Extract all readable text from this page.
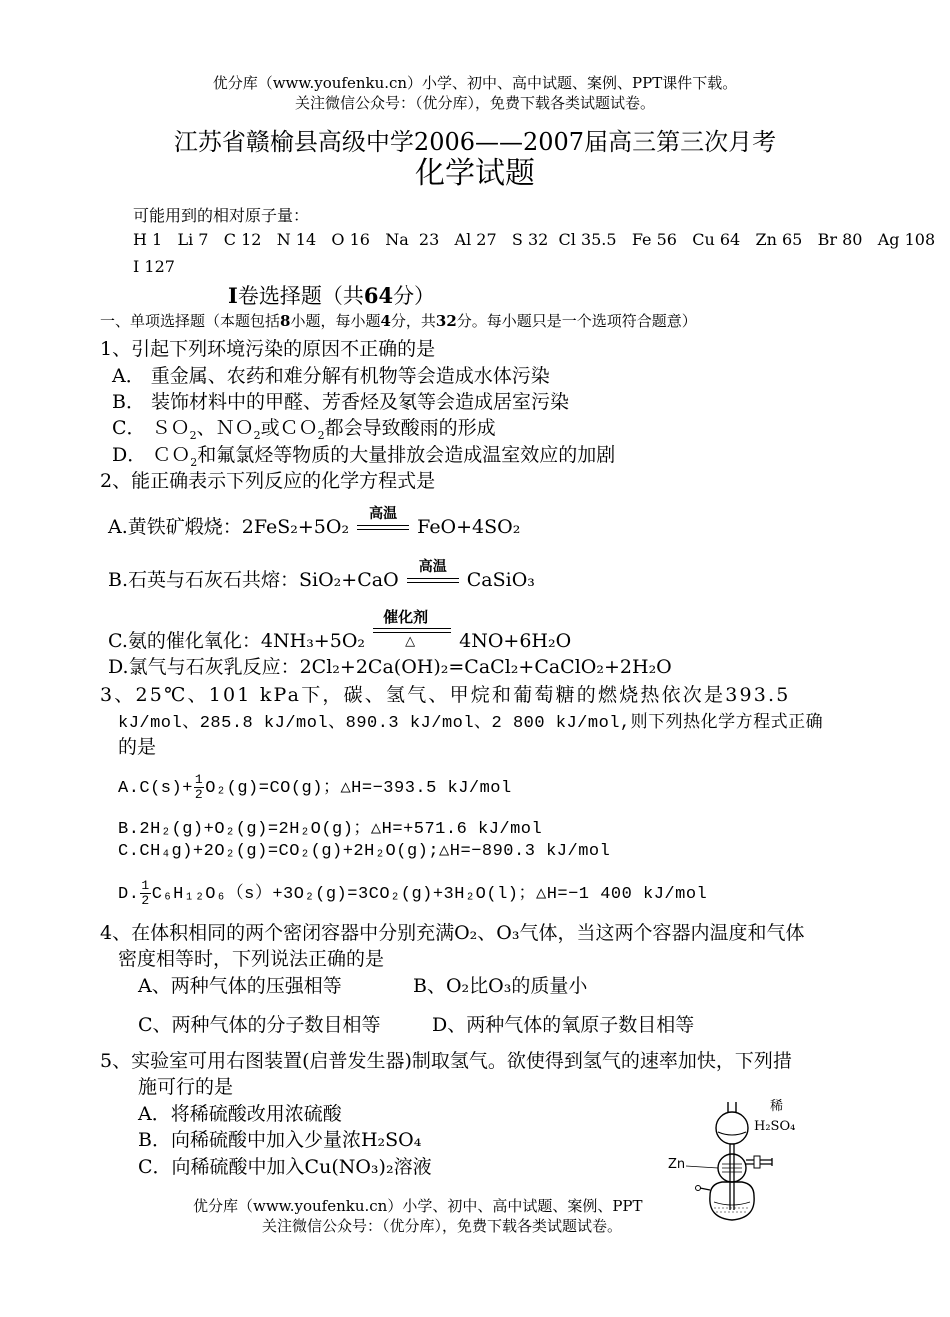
优分库（www.youfenku.cn）小学、初中、高中试题、案例、PPT课件下载。
关注微信公众号：（优分库），免费下载各类试题试卷。
江苏省赣榆县高级中学2006——2007届高三第三次月考
化学试题
可能用到的相对原子量：
H 1   Li 7   C 12   N 14   O 16   Na  23   Al 27   S 32  Cl 35.5   Fe 56   Cu 64   Zn 65   Br 80   Ag 108
I 127
I卷选择题（共64分）
一、单项选择题（本题包括8小题，每小题4分，共32分。每小题只是一个选项符合题意）
1、引起下列环境污染的原因不正确的是
A． 重金属、农药和难分解有机物等会造成水体污染
B． 装饰材料中的甲醛、芳香烃及氡等会造成居室污染
C． ＳＯ$_2$、ＮＯ$_2$或ＣＯ$_2$都会导致酸雨的形成
D． ＣＯ$_2$和氟氯烃等物质的大量排放会造成温室效应的加剧
2、能正确表示下列反应的化学方程式是
A.黄铁矿煅烧：2FeS₂+5O₂
高温
FeO+4SO₂
B.石英与石灰石共熔：SiO₂+CaO
高温
CaSiO₃
C.氨的催化氧化：4NH₃+5O₂
催化剂
△ 4NO+6H₂O
D.氯气与石灰乳反应：2Cl₂+2Ca(OH)₂=CaCl₂+CaClO₂+2H₂O
3、25℃、101 kPa下，碳、氢气、甲烷和葡萄糖的燃烧热依次是393.5
kJ/mol、285.8 kJ/mol、890.3 kJ/mol、2 800 kJ/mol,则下列热化学方程式正确
的是
$A.C(s)+ \frac{1}{2} O_2(g)=CO(g)$；△H=−393.5 kJ/mol
B.2H₂(g)+O₂(g)=2H₂O(g)；△H=+571.6 kJ/mol
C.CH₄g)+2O₂(g)=CO₂(g)+2H₂O(g);△H=−890.3 kJ/mol
D. $\frac{1}{2} C_6H_{12}O_6(s)+3O_2(g)=3CO_2(g)+3H_2O(l)$；△H=−1 400 kJ/mol
4、在体积相同的两个密闭容器中分别充满O₂、O₃气体，当这两个容器内温度和气体
密度相等时，下列说法正确的是
A、两种气体的压强相等	B、O₂比O₃的质量小
C、两种气体的分子数目相等	D、两种气体的氧原子数目相等
5、实验室可用右图装置(启普发生器)制取氢气。欲使得到氢气的速率加快，下列措
施可行的是
A．将稀硫酸改用浓硫酸
B．向稀硫酸中加入少量浓H₂SO₄
C．向稀硫酸中加入Cu(NO₃)₂溶液
稀
H₂SO₄
Zn
优分库（www.youfenku.cn）小学、初中、高中试题、案例、PPT
关注微信公众号：（优分库），免费下载各类试题试卷。
